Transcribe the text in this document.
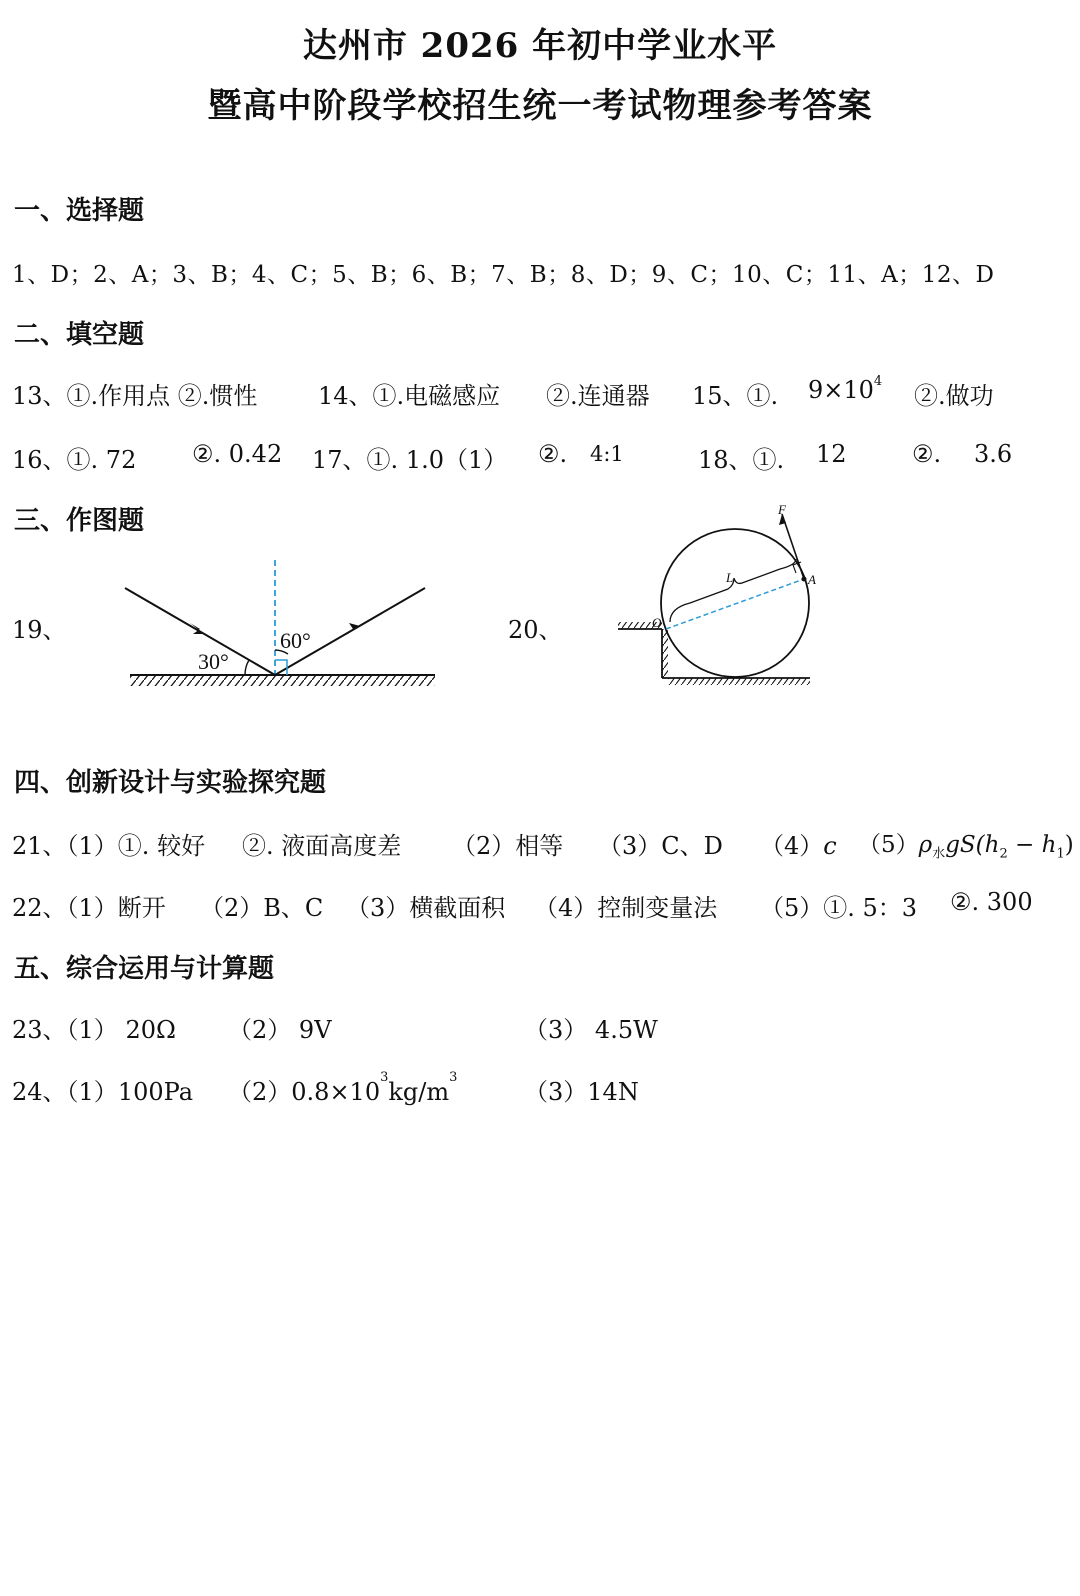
达州市 2026 年初中学业水平
暨高中阶段学校招生统一考试物理参考答案
一、选择题
1、D；2、A；3、B；4、C；5、B；6、B；7、B；8、D；9、C；10、C；11、A；12、D
二、填空题
13、①.作用点 ②.惯性	14、①.电磁感应 ②.连通器 15、①. $9\times 10^4$
②.做功
16、①. 72 ②. 0.42 17、①. 1.0（1） ②. 4:1	18、①. 12	②. 3.6
三、作图题
19、	20、
30°
60°
F
L	A
O
四、创新设计与实验探究题
21、（1）①. 较好 ②. 液面高度差 （2）相等 （3）C、D （4）c $(5)\rho_水gS(h_2 - h_1)$
22、（1）断开 （2）B、C （3）横截面积 （4）控制变量法 （5）①. 5：3 ②. 300
五、综合运用与计算题
23、（1） 20Ω （2） 9V	（3） 4.5W
24、（1）100Pa $(2)0.8\times 10^3kg/m^3$
（3）14N
